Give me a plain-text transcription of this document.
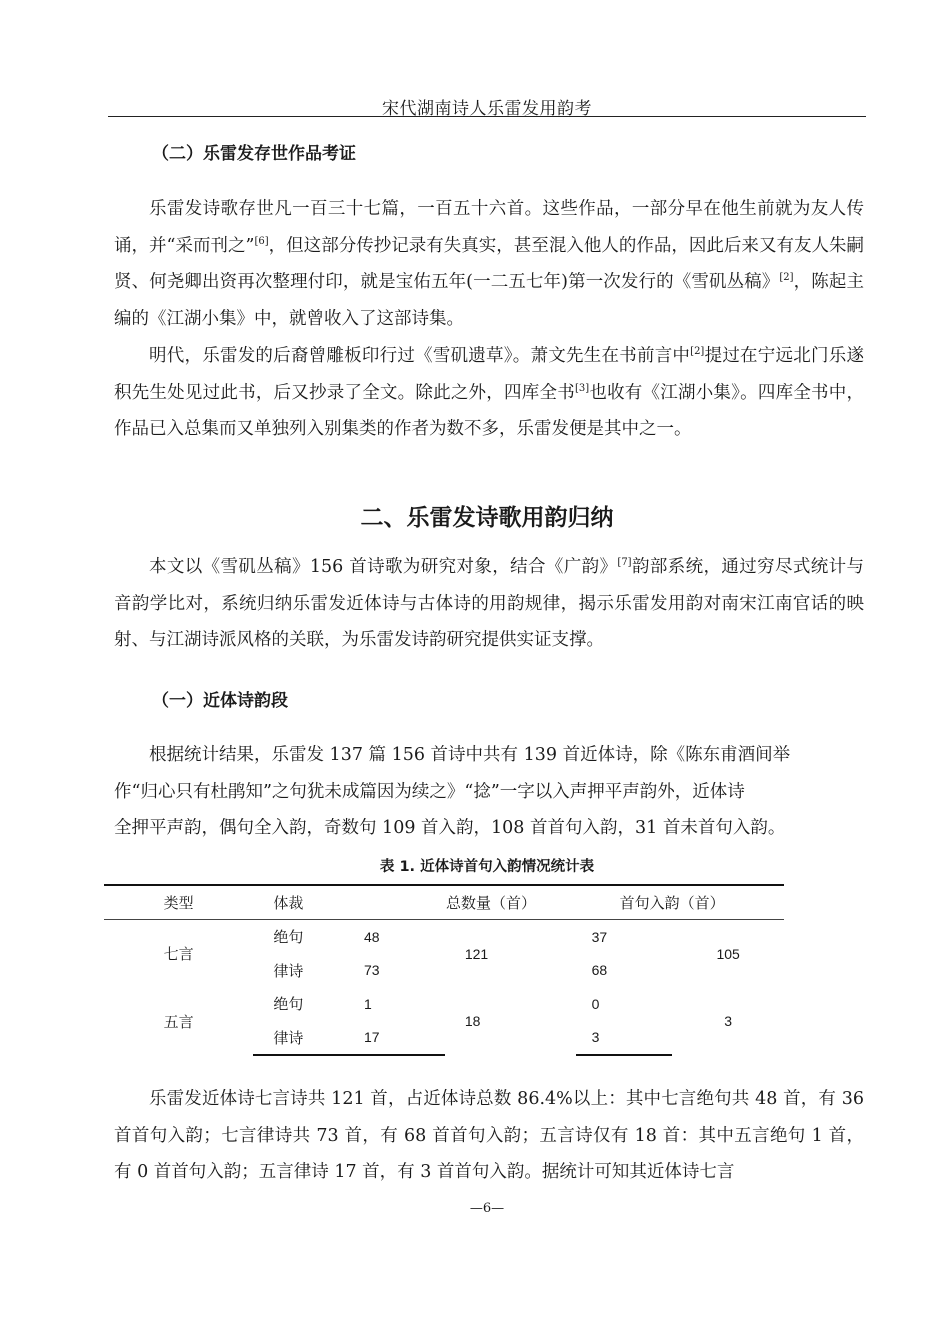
宋代湖南诗人乐雷发用韵考
（二）乐雷发存世作品考证

乐雷发诗歌存世凡一百三十七篇，一百五十六首。这些作品，一部分早在他生前就为友人传诵，并“采而刊之”[6]，但这部分传抄记录有失真实，甚至混入他人的作品，因此后来又有友人朱嗣贤、何尧卿出资再次整理付印，就是宝佑五年(一二五七年)第一次发行的《雪矶丛稿》[2]，陈起主编的《江湖小集》中，就曾收入了这部诗集。

明代，乐雷发的后裔曾雕板印行过《雪矶遗草》。萧文先生在书前言中[2]提过在宁远北门乐遂积先生处见过此书，后又抄录了全文。除此之外，四库全书[3]也收有《江湖小集》。四库全书中，作品已入总集而又单独列入别集类的作者为数不多，乐雷发便是其中之一。

二、乐雷发诗歌用韵归纳

本文以《雪矶丛稿》156 首诗歌为研究对象，结合《广韵》[7]韵部系统，通过穷尽式统计与音韵学比对，系统归纳乐雷发近体诗与古体诗的用韵规律，揭示乐雷发用韵对南宋江南官话的映射、与江湖诗派风格的关联，为乐雷发诗韵研究提供实证支撑。

（一）近体诗韵段

根据统计结果，乐雷发 137 篇 156 首诗中共有 139 首近体诗，除《陈东甫酒间举
作“归心只有杜鹃知”之句犹未成篇因为续之》“捻”一字以入声押平声韵外，近体诗
全押平声韵，偶句全入韵，奇数句 109 首入韵，108 首首句入韵，31 首未首句入韵。

表 1. 近体诗首句入韵情况统计表
类型	体裁	总数量（首）		首句入韵（首）	
七言	绝句	48	121	37	105
	律诗	73		68	
五言	绝句	1	18	0	3
	律诗	17		3	

乐雷发近体诗七言诗共 121 首，占近体诗总数 86.4%以上：其中七言绝句共 48 首，有 36 首首句入韵；七言律诗共 73 首，有 68 首首句入韵；五言诗仅有 18 首：其中五言绝句 1 首，有 0 首首句入韵；五言律诗 17 首，有 3 首首句入韵。据统计可知其近体诗七言

—6—
